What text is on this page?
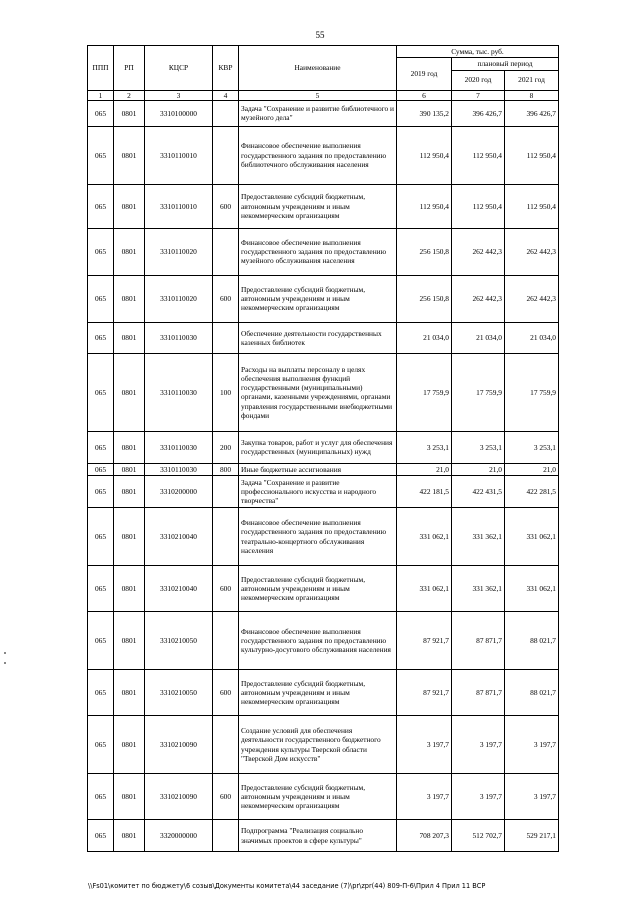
55
ППП	РП	КЦСР	КВР	Наименование	Сумма, тыс. руб.		
					2019 год	плановый период	
						2020 год	2021 год
1	2	3	4	5	6	7	8
065	0801	3310100000		Задача "Сохранение и развитие библиотечного и музейного дела"	390 135,2	396 426,7	396 426,7
065	0801	3310110010		Финансовое обеспечение выполнения государственного задания по предоставлению библиотечного обслуживания населения	112 950,4	112 950,4	112 950,4
065	0801	3310110010	600	Предоставление субсидий бюджетным, автономным учреждениям и иным некоммерческим организациям	112 950,4	112 950,4	112 950,4
065	0801	3310110020		Финансовое обеспечение выполнения государственного задания по предоставлению музейного обслуживания населения	256 150,8	262 442,3	262 442,3
065	0801	3310110020	600	Предоставление субсидий бюджетным, автономным учреждениям и иным некоммерческим организациям	256 150,8	262 442,3	262 442,3
065	0801	3310110030		Обеспечение деятельности государственных казенных библиотек	21 034,0	21 034,0	21 034,0
065	0801	3310110030	100	Расходы на выплаты персоналу в целях обеспечения выполнения функций государственными (муниципальными) органами, казенными учреждениями, органами управления государственными внебюджетными фондами	17 759,9	17 759,9	17 759,9
065	0801	3310110030	200	Закупка товаров, работ и услуг для обеспечения государственных (муниципальных) нужд	3 253,1	3 253,1	3 253,1
065	0801	3310110030	800	Иные бюджетные ассигнования	21,0	21,0	21,0
065	0801	3310200000		Задача "Сохранение и развитие профессионального искусства и народного творчества"	422 181,5	422 431,5	422 281,5
065	0801	3310210040		Финансовое обеспечение выполнения государственного задания по предоставлению театрально-концертного обслуживания населения	331 062,1	331 362,1	331 062,1
065	0801	3310210040	600	Предоставление субсидий бюджетным, автономным учреждениям и иным некоммерческим организациям	331 062,1	331 362,1	331 062,1
065	0801	3310210050		Финансовое обеспечение выполнения государственного задания по предоставлению культурно-досугового обслуживания населения	87 921,7	87 871,7	88 021,7
065	0801	3310210050	600	Предоставление субсидий бюджетным, автономным учреждениям и иным некоммерческим организациям	87 921,7	87 871,7	88 021,7
065	0801	3310210090		Создание условий для обеспечения деятельности государственного бюджетного учреждения культуры Тверской области "Тверской Дом искусств"	3 197,7	3 197,7	3 197,7
065	0801	3310210090	600	Предоставление субсидий бюджетным, автономным учреждениям и иным некоммерческим организациям	3 197,7	3 197,7	3 197,7
065	0801	3320000000		Подпрограмма "Реализация социально значимых проектов в сфере культуры"	708 207,3	512 702,7	529 217,1
\\Fs01\комитет по бюджету\6 созыв\Документы комитета\44 заседание (7)\pr\zpr(44) 809-П-6\Прил 4 Прил 11 ВСР
